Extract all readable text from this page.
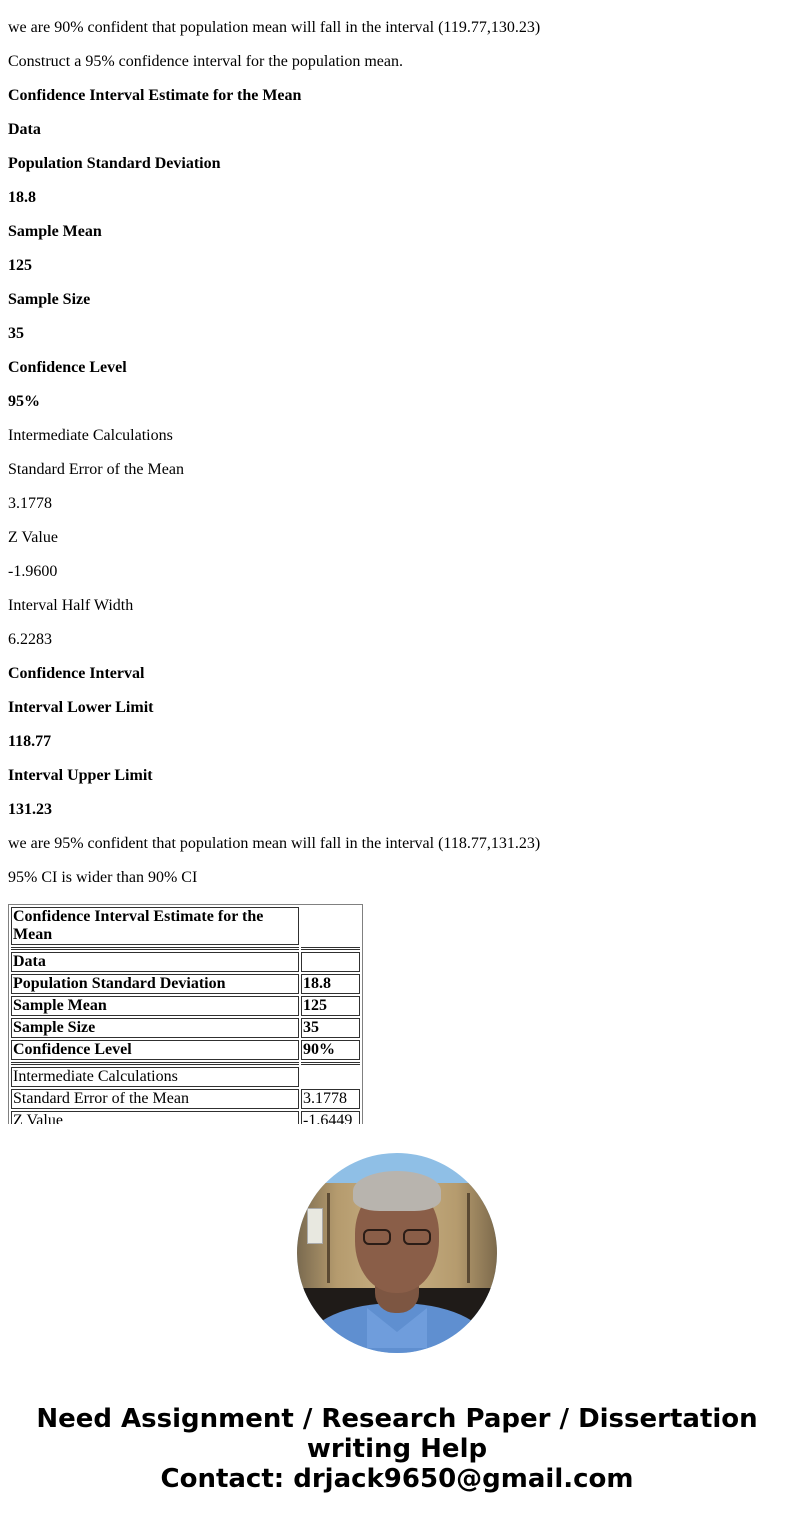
we are 90% confident that population mean will fall in the interval (119.77,130.23)

Construct a 95% confidence interval for the population mean.

Confidence Interval Estimate for the Mean

Data

Population Standard Deviation

18.8

Sample Mean

125

Sample Size

35

Confidence Level

95%

Intermediate Calculations

Standard Error of the Mean

3.1778

Z Value

-1.9600

Interval Half Width

6.2283

Confidence Interval

Interval Lower Limit

118.77

Interval Upper Limit

131.23

we are 95% confident that population mean will fall in the interval (118.77,131.23)

95% CI is wider than 90% CI

Confidence Interval Estimate for the Mean	

Data	
Population Standard Deviation	18.8
Sample Mean	125
Sample Size	35
Confidence Level	90%

Intermediate Calculations	
Standard Error of the Mean	3.1778
Z Value	-1.6449
Need Assignment / Research Paper / Dissertation
writing Help
Contact: drjack9650@gmail.com
